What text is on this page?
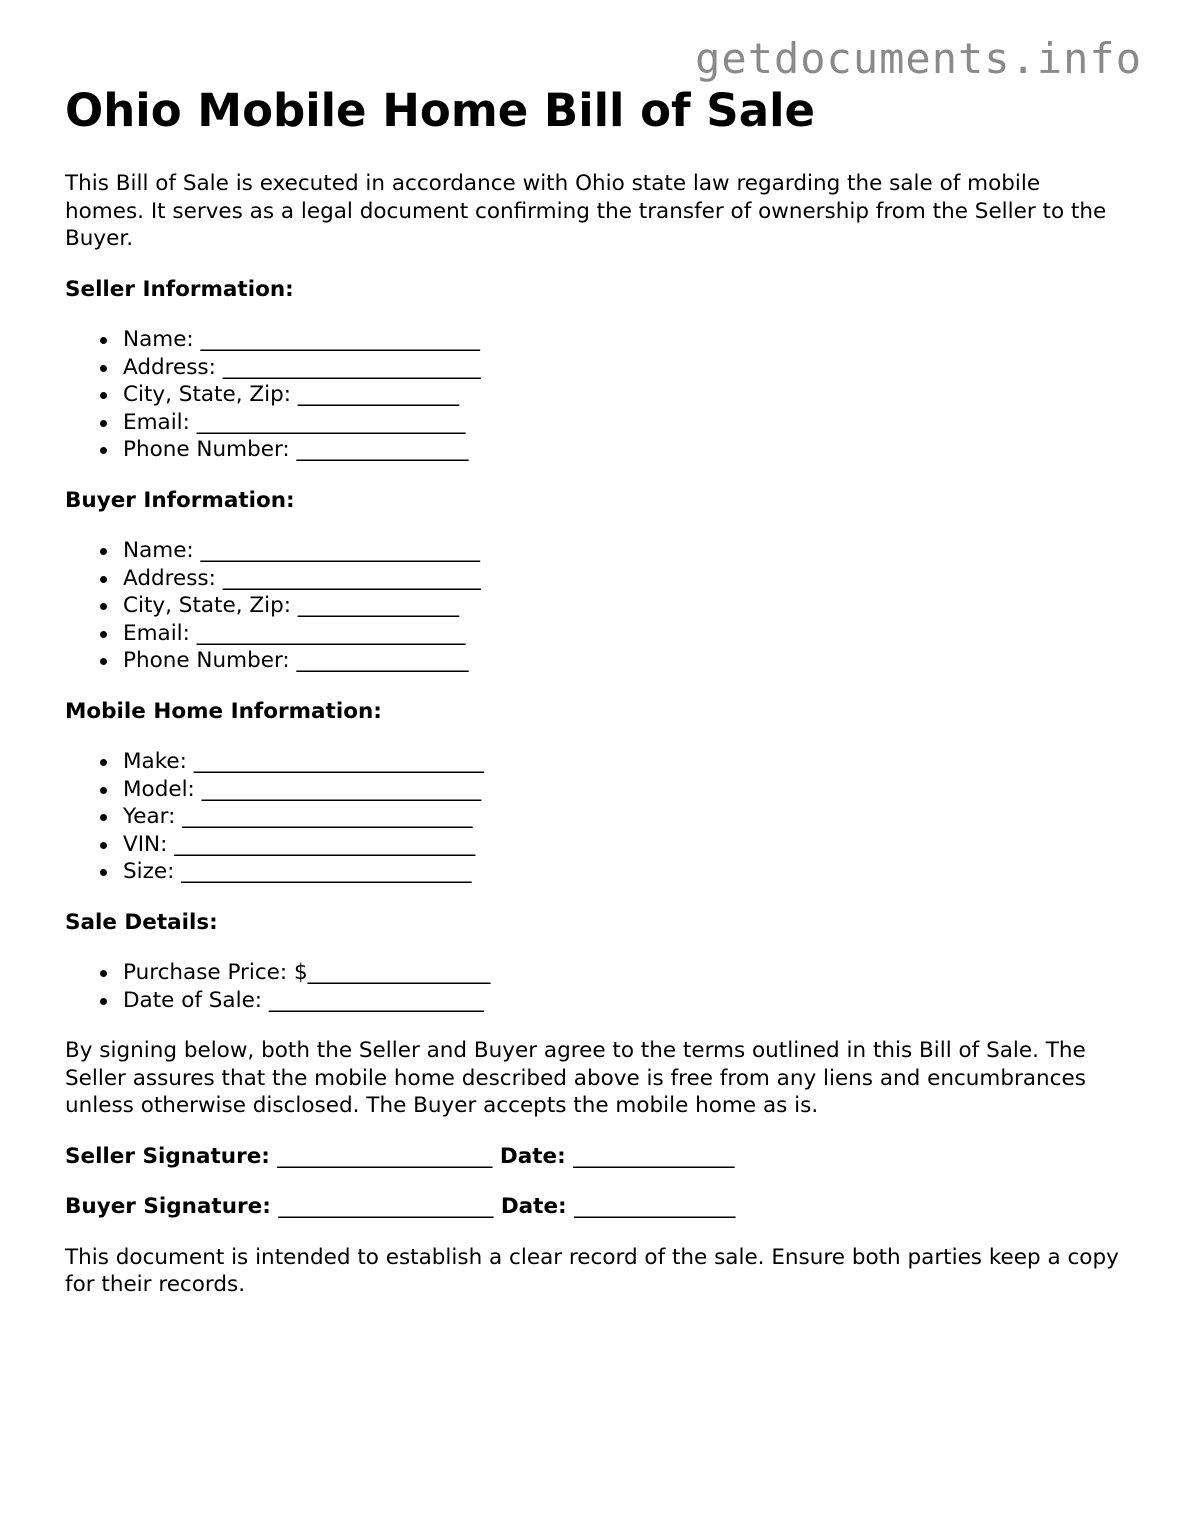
getdocuments.info
Ohio Mobile Home Bill of Sale

This Bill of Sale is executed in accordance with Ohio state law regarding the sale of mobile homes. It serves as a legal document confirming the transfer of ownership from the Seller to the Buyer.

Seller Information:
Name: __________________________
Address: ________________________
City, State, Zip: _______________
Email: _________________________
Phone Number: ________________
Buyer Information:
Name: __________________________
Address: ________________________
City, State, Zip: _______________
Email: _________________________
Phone Number: ________________
Mobile Home Information:
Make: ___________________________
Model: __________________________
Year: ___________________________
VIN: ____________________________
Size: ___________________________
Sale Details:
Purchase Price: $_________________
Date of Sale: ____________________

By signing below, both the Seller and Buyer agree to the terms outlined in this Bill of Sale. The Seller assures that the mobile home described above is free from any liens and encumbrances unless otherwise disclosed. The Buyer accepts the mobile home as is.

Seller Signature: ____________________ Date: _______________
Buyer Signature: ____________________ Date: _______________

This document is intended to establish a clear record of the sale. Ensure both parties keep a copy for their records.
